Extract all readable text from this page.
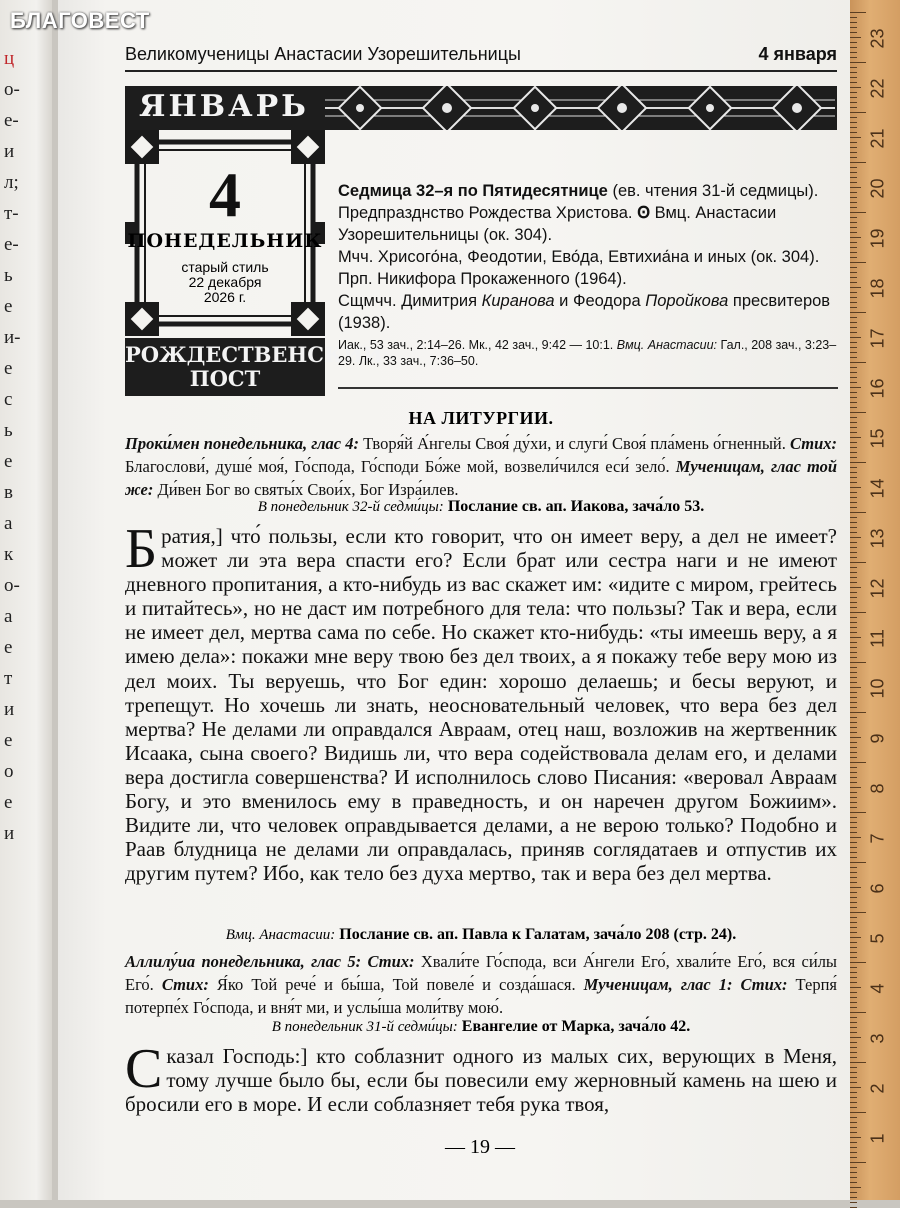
ц
о-
е-
и
л;
т-
е-
ь
е
и-
е
с
ь
е
в
а
к
о-
а
е
т
и
е
о
е
и
БЛАГОВЕСТ
Великомученицы Анастасии Узорешительницы	4 января
ЯНВАРЬ
4
ПОНЕДЕЛЬНИК
старый стиль
22 декабря
2026 г.
РОЖДЕСТВЕНСКИЙ
ПОСТ

Седмица 32–я по Пятидесятнице (ев. чтения 31-й седмицы).

Предпразднство Рождества Христова. Ꙩ Вмц. Анастасии Узорешительницы (ок. 304).

Мчч. Хрисого́на, Феодотии, Ево́да, Евтихиа́на и иных (ок. 304). Прп. Никифора Прокаженного (1964).

Сщмчч. Димитрия Киранова и Феодора Поройкова пресвитеров (1938).

Иак., 53 зач., 2:14–26. Мк., 42 зач., 9:42 — 10:1. Вмц. Анастасии: Гал., 208 зач., 3:23–29. Лк., 33 зач., 7:36–50.

НА ЛИТУРГИИ.
Проки́мен понедельника, глас 4: Творя́й А́нгелы Своя́ ду́хи, и слуги́ Своя́ пла́мень о́гненный. Стих: Благослови́, душе́ моя́, Го́спода, Го́споди Бо́же мой, возвели́чился еси́ зело́. Мученицам, глас той же: Ди́вен Бог во святы́х Свои́х, Бог Изра́илев.
В понедельник 32-й седми́цы: Послание св. ап. Иакова, зача́ло 53.
Братия,] что́ пользы, если кто говорит, что он имеет веру, а дел не имеет? может ли эта вера спасти его? Если брат или сестра наги и не имеют дневного пропитания, а кто-нибудь из вас скажет им: «идите с миром, грейтесь и питайтесь», но не даст им потребного для тела: что пользы? Так и вера, если не имеет дел, мертва сама по себе. Но скажет кто-нибудь: «ты имеешь веру, а я имею дела»: покажи мне веру твою без дел твоих, а я покажу тебе веру мою из дел моих. Ты веруешь, что Бог един: хорошо делаешь; и бесы веруют, и трепещут. Но хочешь ли знать, неосновательный человек, что вера без дел мертва? Не делами ли оправдался Авраам, отец наш, возложив на жертвенник Исаака, сына своего? Видишь ли, что вера содействовала делам его, и делами вера достигла совершенства? И исполнилось слово Писания: «веровал Авраам Богу, и это вменилось ему в праведность, и он наречен другом Божиим». Видите ли, что человек оправдывается делами, а не верою только? Подобно и Раав блудница не делами ли оправдалась, приняв соглядатаев и отпустив их другим путем? Ибо, как тело без духа мертво, так и вера без дел мертва.
Вмц. Анастасии: Послание св. ап. Павла к Галатам, зача́ло 208 (стр. 24).
Аллилу́иа понедельника, глас 5: Стих: Хвали́те Го́спода, вси А́нгели Его́, хвали́те Его́, вся си́лы Его́. Стих: Я́ко Той рече́ и бы́ша, Той повеле́ и созда́шася. Мученицам, глас 1: Стих: Терпя́ потерпе́х Го́спода, и вня́т ми, и услы́ша моли́тву мою́.
В понедельник 31-й седми́цы: Евангелие от Марка, зача́ло 42.
Сказал Господь:] кто соблазнит одного из малых сих, верующих в Меня, тому лучше было бы, если бы повесили ему жерновный камень на шею и бросили его в море. И если соблазняет тебя рука твоя,
— 19 —
23
22
21
20
19
18
17
16
15
14
13
12
11
10
9
8
7
6
5
4
3
2
1
